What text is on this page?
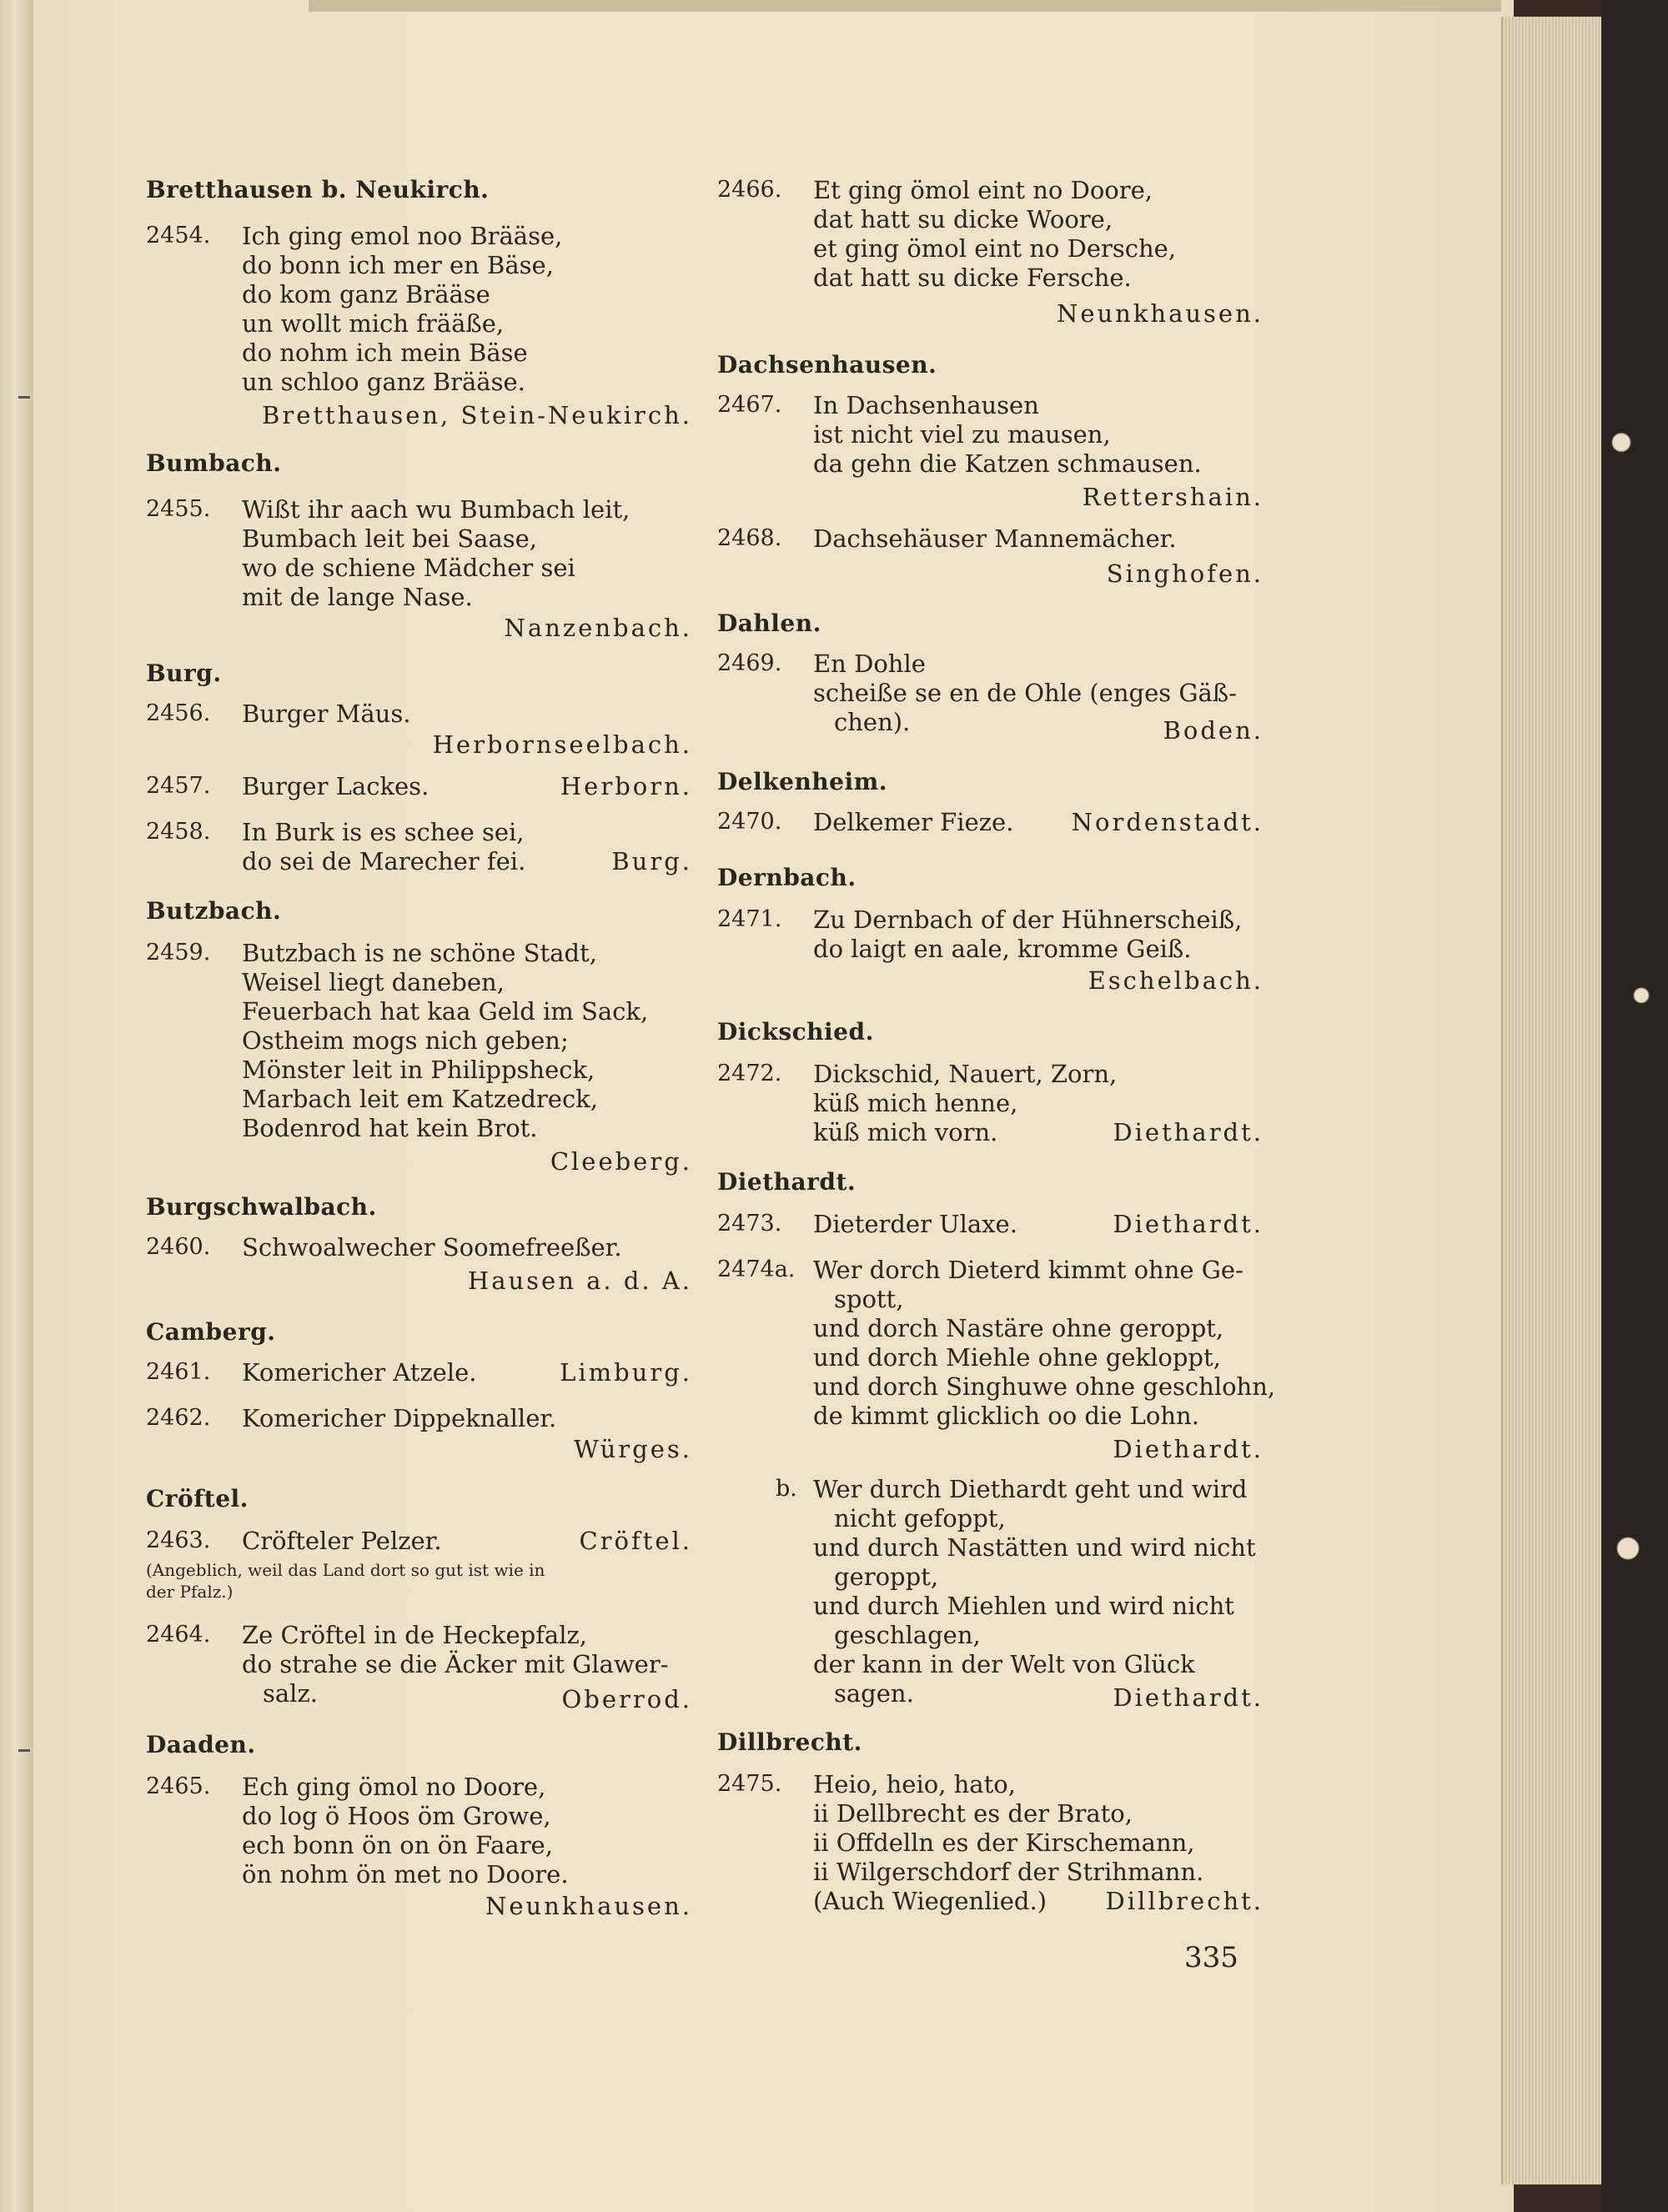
Bretthausen b. Neukirch.
2454. Ich ging emol noo Brääse,
do bonn ich mer en Bäse,
do kom ganz Brääse
un wollt mich frääße,
do nohm ich mein Bäse
un schloo ganz Brääse.
Bretthausen, Stein-Neukirch.
Bumbach.
2455. Wißt ihr aach wu Bumbach leit,
Bumbach leit bei Saase,
wo de schiene Mädcher sei
mit de lange Nase.
Nanzenbach.
Burg.
2456. Burger Mäus.
Herbornseelbach.
2457. Burger Lackes.	Herborn.
2458. In Burk is es schee sei,
do sei de Marecher fei.	Burg.
Butzbach.
2459. Butzbach is ne schöne Stadt,
Weisel liegt daneben,
Feuerbach hat kaa Geld im Sack,
Ostheim mogs nich geben;
Mönster leit in Philippsheck,
Marbach leit em Katzedreck,
Bodenrod hat kein Brot.
Cleeberg.
Burgschwalbach.
2460. Schwoalwecher Soomefreeßer.
Hausen a. d. A.
Camberg.
2461. Komericher Atzele.	Limburg.
2462. Komericher Dippeknaller.
Würges.
Cröftel.
2463. Cröfteler Pelzer.	Cröftel.
(Angeblich, weil das Land dort so gut ist wie in
der Pfalz.)
2464. Ze Cröftel in de Heckepfalz,
do strahe se die Äcker mit Glawer-
salz.	Oberrod.
Daaden.
2465. Ech ging ömol no Doore,
do log ö Hoos öm Growe,
ech bonn ön on ön Faare,
ön nohm ön met no Doore.
Neunkhausen.
2466. Et ging ömol eint no Doore,
dat hatt su dicke Woore,
et ging ömol eint no Dersche,
dat hatt su dicke Fersche.
Neunkhausen.
Dachsenhausen.
2467. In Dachsenhausen
ist nicht viel zu mausen,
da gehn die Katzen schmausen.
Rettershain.
2468. Dachsehäuser Mannemächer.
Singhofen.
Dahlen.
2469. En Dohle
scheiße se en de Ohle (enges Gäß-
chen).	Boden.
Delkenheim.
2470. Delkemer Fieze. Nordenstadt.
Dernbach.
2471. Zu Dernbach of der Hühnerscheiß,
do laigt en aale, kromme Geiß.
Eschelbach.
Dickschied.
2472. Dickschid, Nauert, Zorn,
küß mich henne,
küß mich vorn.	Diethardt.
Diethardt.
2473. Dieterder Ulaxe.	Diethardt.
2474a. Wer dorch Dieterd kimmt ohne Ge-
spott,
und dorch Nastäre ohne geroppt,
und dorch Miehle ohne gekloppt,
und dorch Singhuwe ohne geschlohn,
de kimmt glicklich oo die Lohn.
Diethardt.
b. Wer durch Diethardt geht und wird
nicht gefoppt,
und durch Nastätten und wird nicht
geroppt,
und durch Miehlen und wird nicht
geschlagen,
der kann in der Welt von Glück
sagen.	Diethardt.
Dillbrecht.
2475. Heio, heio, hato,
ii Dellbrecht es der Brato,
ii Offdelln es der Kirschemann,
ii Wilgerschdorf der Strihmann.
(Auch Wiegenlied.) Dillbrecht.
335
